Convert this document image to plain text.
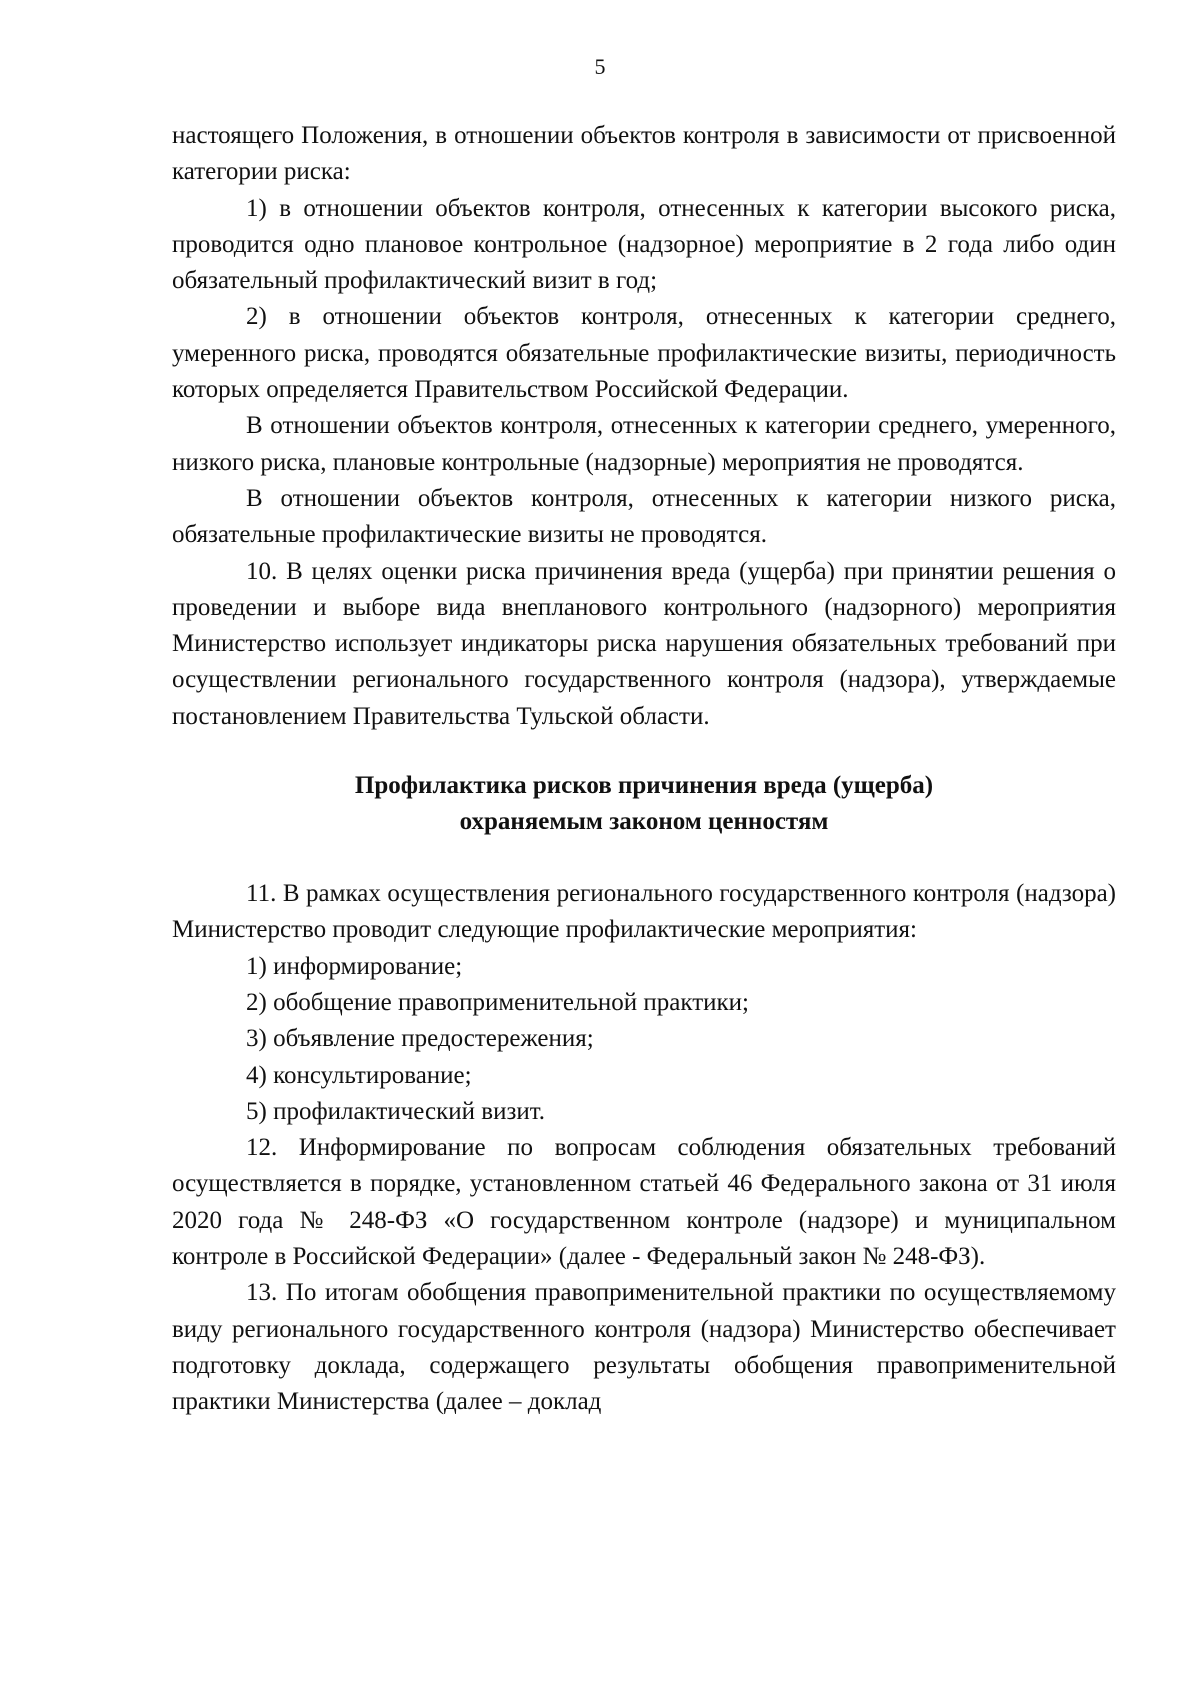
5

настоящего Положения, в отношении объектов контроля в зависимости от присвоенной категории риска:

1) в отношении объектов контроля, отнесенных к категории высокого риска, проводится одно плановое контрольное (надзорное) мероприятие в 2 года либо один обязательный профилактический визит в год;

2) в отношении объектов контроля, отнесенных к категории среднего, умеренного риска, проводятся обязательные профилактические визиты, периодичность которых определяется Правительством Российской Федерации.

В отношении объектов контроля, отнесенных к категории среднего, умеренного, низкого риска, плановые контрольные (надзорные) мероприятия не проводятся.

В отношении объектов контроля, отнесенных к категории низкого риска, обязательные профилактические визиты не проводятся.

10. В целях оценки риска причинения вреда (ущерба) при принятии решения о проведении и выборе вида внепланового контрольного (надзорного) мероприятия Министерство использует индикаторы риска нарушения обязательных требований при осуществлении регионального государственного контроля (надзора), утверждаемые постановлением Правительства Тульской области.

Профилактика рисков причинения вреда (ущерба)
охраняемым законом ценностям

11. В рамках осуществления регионального государственного контроля (надзора) Министерство проводит следующие профилактические мероприятия:

1) информирование;

2) обобщение правоприменительной практики;

3) объявление предостережения;

4) консультирование;

5) профилактический визит.

12. Информирование по вопросам соблюдения обязательных требований осуществляется в порядке, установленном статьей 46 Федерального закона от 31 июля 2020 года № 248-ФЗ «О государственном контроле (надзоре) и муниципальном контроле в Российской Федерации» (далее - Федеральный закон № 248-ФЗ).

13. По итогам обобщения правоприменительной практики по осуществляемому виду регионального государственного контроля (надзора) Министерство обеспечивает подготовку доклада, содержащего результаты обобщения правоприменительной практики Министерства (далее – доклад
